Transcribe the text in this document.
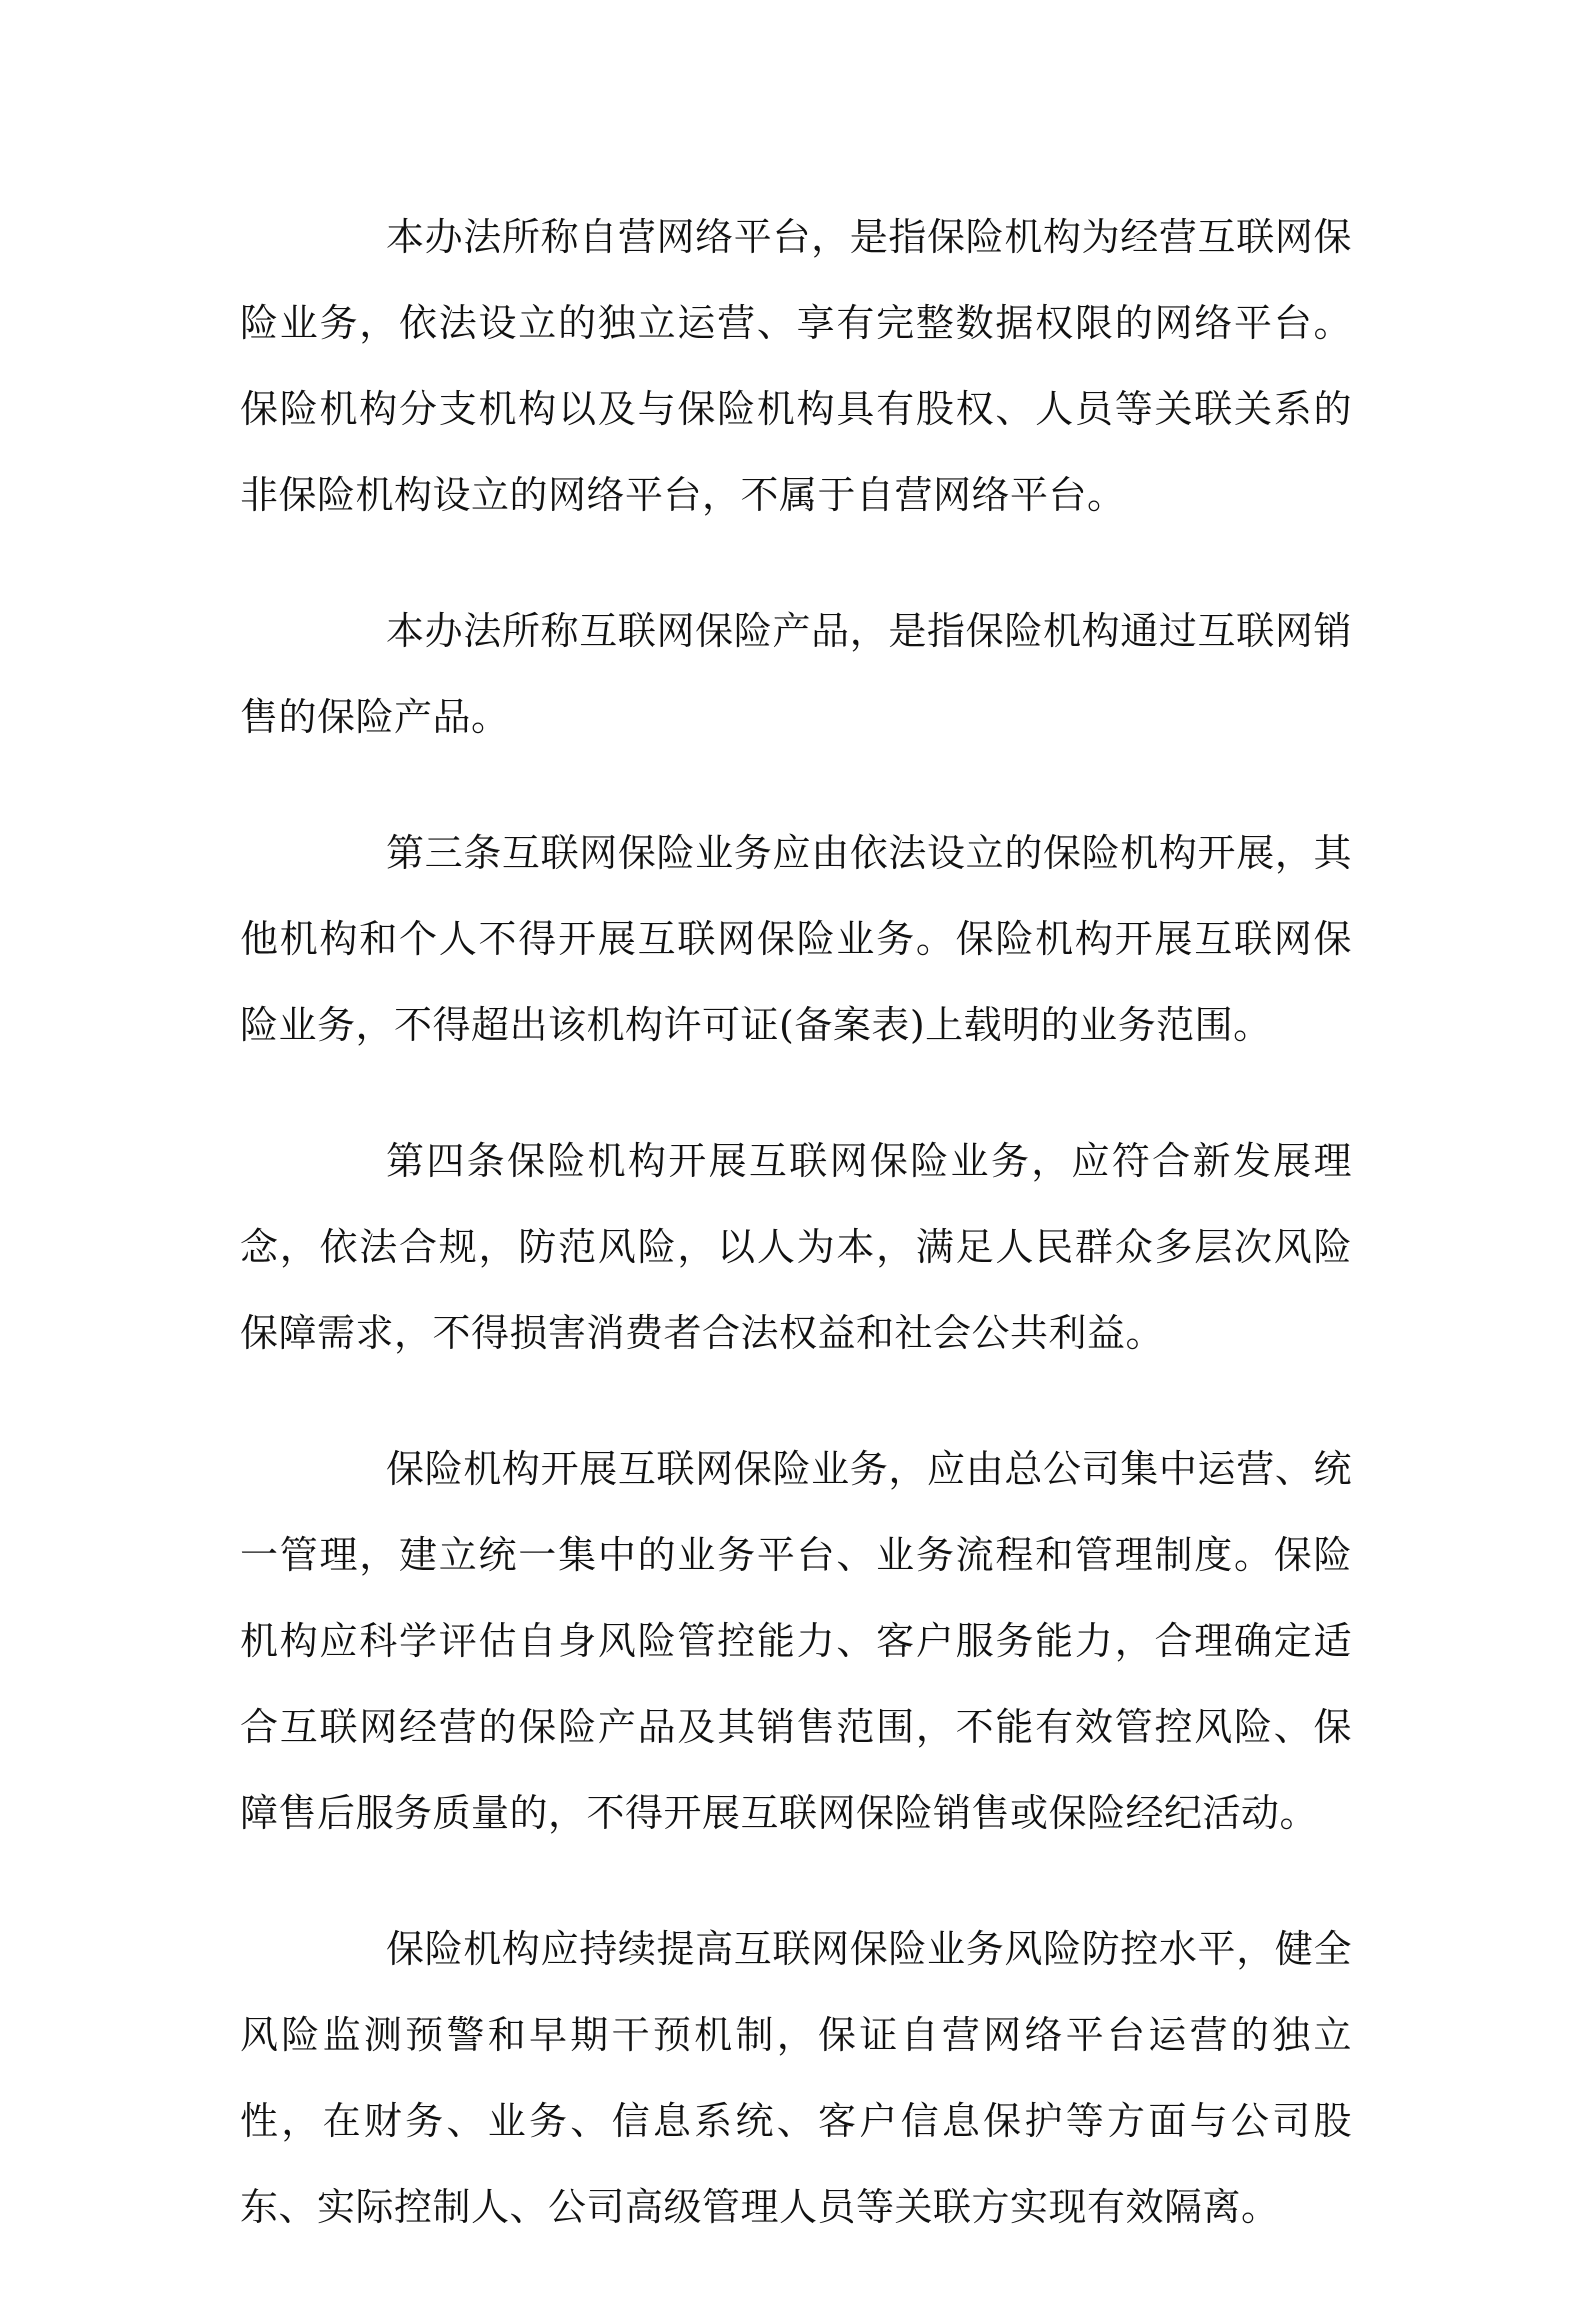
本办法所称自营网络平台，是指保险机构为经营互联网保险业务，依法设立的独立运营、享有完整数据权限的网络平台。保险机构分支机构以及与保险机构具有股权、人员等关联关系的非保险机构设立的网络平台，不属于自营网络平台。

本办法所称互联网保险产品，是指保险机构通过互联网销售的保险产品。

第三条互联网保险业务应由依法设立的保险机构开展，其他机构和个人不得开展互联网保险业务。保险机构开展互联网保险业务，不得超出该机构许可证(备案表)上载明的业务范围。

第四条保险机构开展互联网保险业务，应符合新发展理念，依法合规，防范风险，以人为本，满足人民群众多层次风险保障需求，不得损害消费者合法权益和社会公共利益。

保险机构开展互联网保险业务，应由总公司集中运营、统一管理，建立统一集中的业务平台、业务流程和管理制度。保险机构应科学评估自身风险管控能力、客户服务能力，合理确定适合互联网经营的保险产品及其销售范围，不能有效管控风险、保障售后服务质量的，不得开展互联网保险销售或保险经纪活动。

保险机构应持续提高互联网保险业务风险防控水平，健全风险监测预警和早期干预机制，保证自营网络平台运营的独立性，在财务、业务、信息系统、客户信息保护等方面与公司股东、实际控制人、公司高级管理人员等关联方实现有效隔离。
